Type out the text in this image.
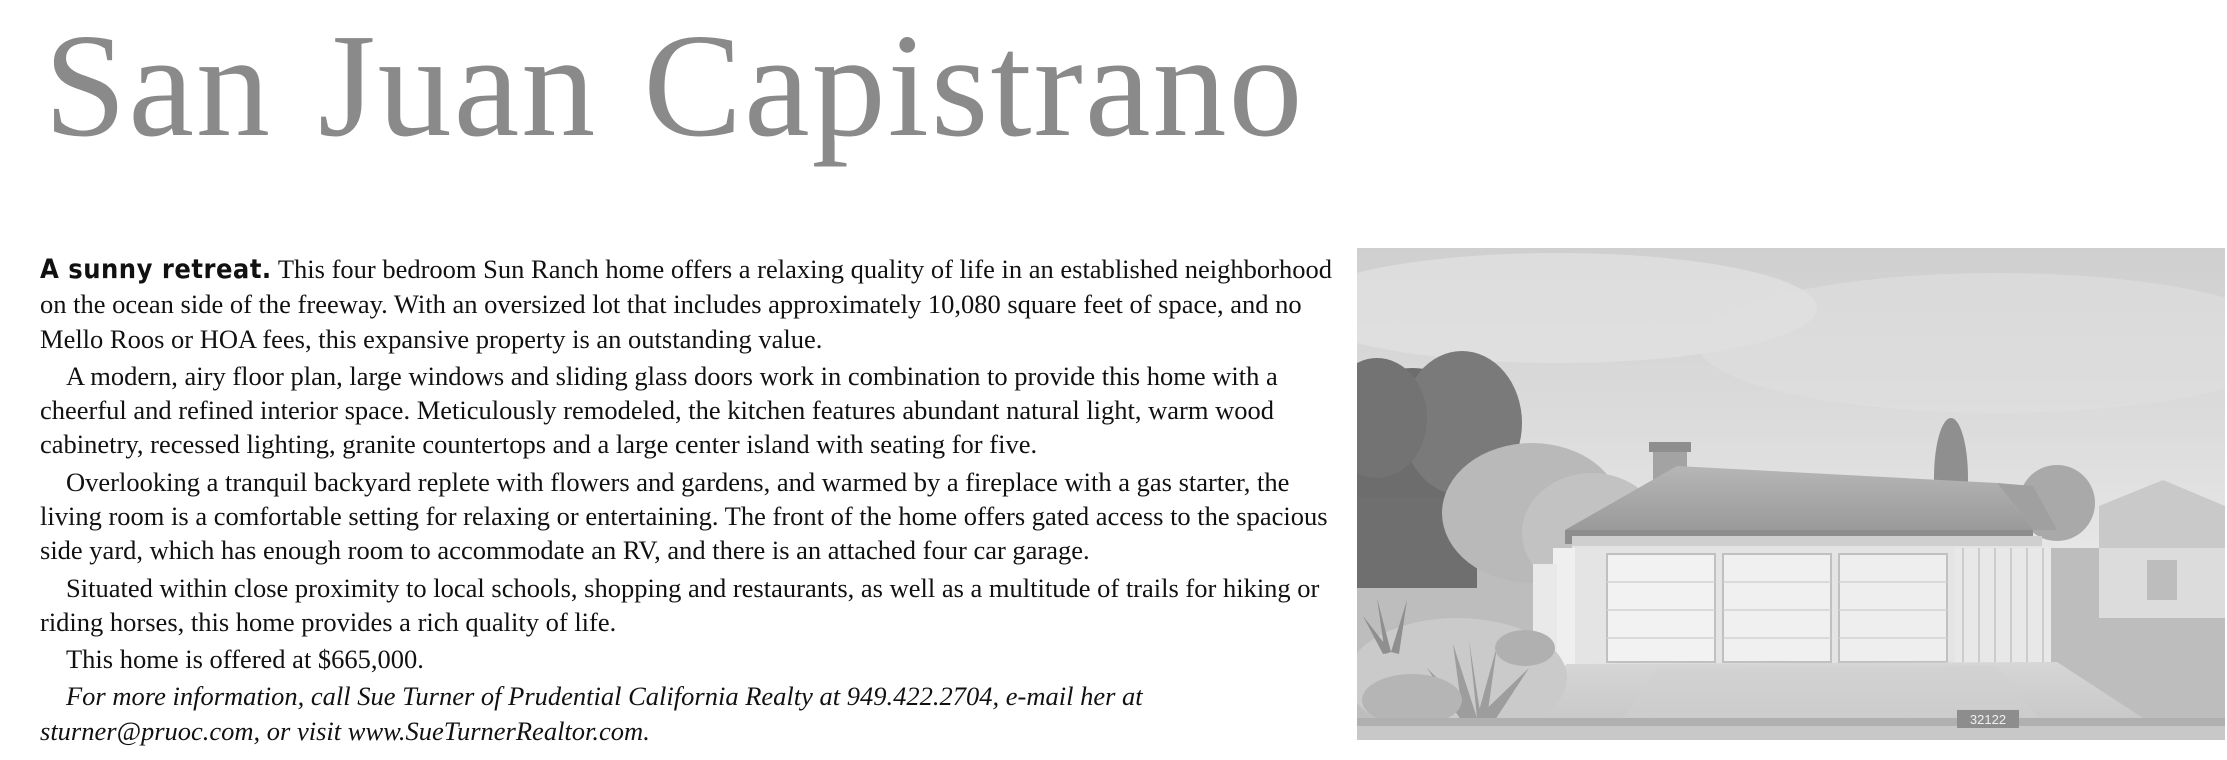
San Juan Capistrano

A sunny retreat. This four bedroom Sun Ranch home offers a relaxing quality of life in an established neighborhood on the ocean side of the freeway. With an oversized lot that includes approximately 10,080 square feet of space, and no Mello Roos or HOA fees, this expansive property is an outstanding value.

A modern, airy floor plan, large windows and sliding glass doors work in combination to provide this home with a cheerful and refined interior space. Meticulously remodeled, the kitchen features abundant natural light, warm wood cabinetry, recessed lighting, granite countertops and a large center island with seating for five.

Overlooking a tranquil backyard replete with flowers and gardens, and warmed by a fireplace with a gas starter, the living room is a comfortable setting for relaxing or entertaining. The front of the home offers gated access to the spacious side yard, which has enough room to accommodate an RV, and there is an attached four car garage.

Situated within close proximity to local schools, shopping and restaurants, as well as a multitude of trails for hiking or riding horses, this home provides a rich quality of life.

This home is offered at $665,000.

For more information, call Sue Turner of Prudential California Realty at 949.422.2704, e-mail her at sturner@pruoc.com, or visit www.SueTurnerRealtor.com.	32122
